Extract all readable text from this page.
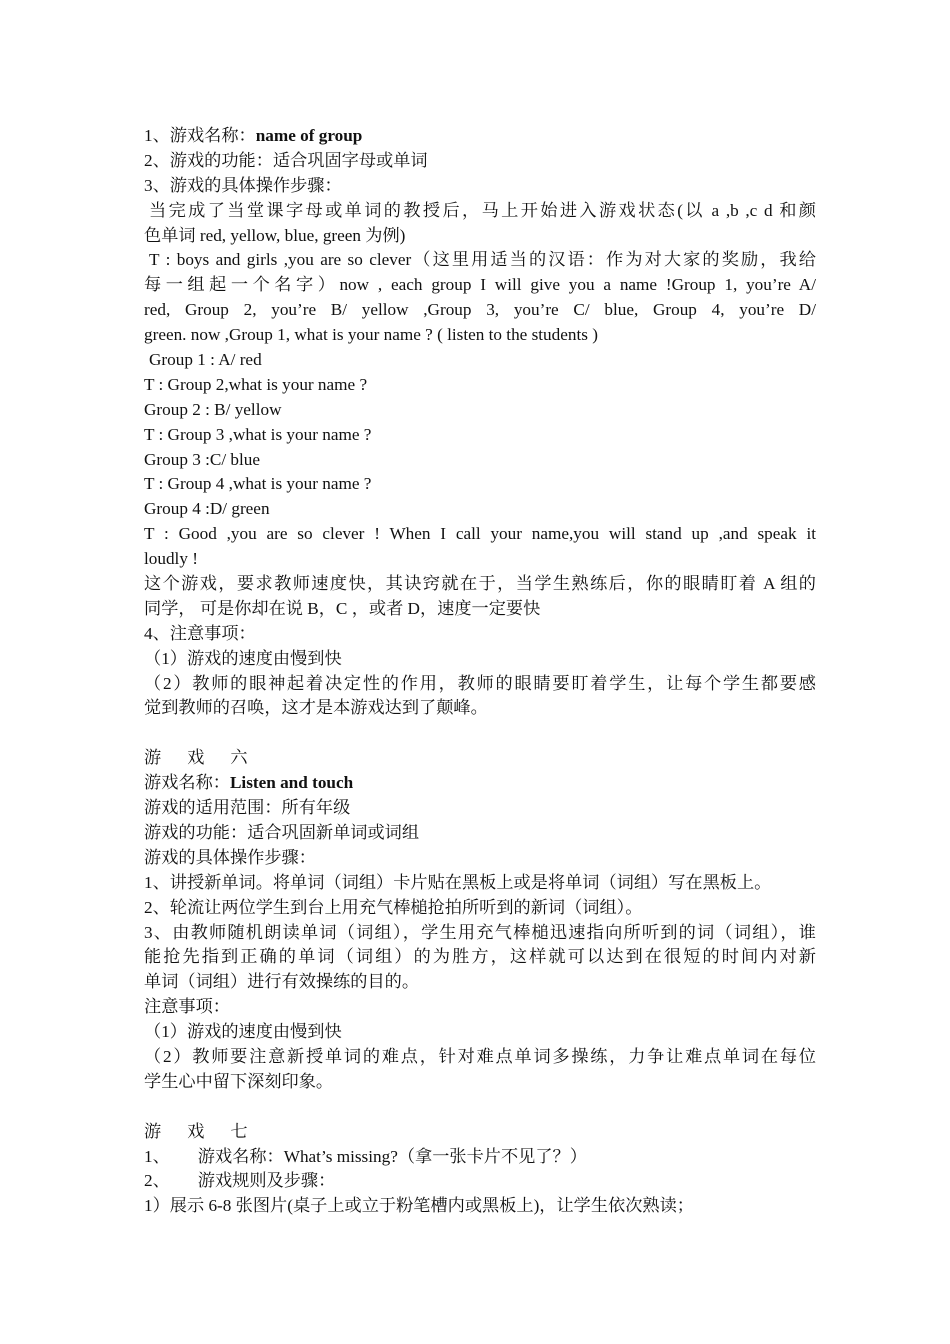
1、游戏名称：name of group
2、游戏的功能：适合巩固字母或单词
3、游戏的具体操作步骤：
当完成了当堂课字母或单词的教授后，马上开始进入游戏状态(以 a ,b ,c d 和颜
色单词 red, yellow, blue, green 为例)
T : boys and girls ,you are so clever（这里用适当的汉语：作为对大家的奖励，我给
每一组起一个名字）now , each group I will give you a name !Group 1, you’re A/
red, Group 2, you’re B/ yellow ,Group 3, you’re C/ blue, Group 4, you’re D/
green. now ,Group 1, what is your name ? ( listen to the students )
Group 1 : A/ red
T : Group 2,what is your name ?
Group 2 : B/ yellow
T : Group 3 ,what is your name ?
Group 3 :C/ blue
T : Group 4 ,what is your name ?
Group 4 :D/ green
T : Good ,you are so clever ! When I call your name,you will stand up ,and speak it
loudly !
这个游戏，要求教师速度快，其诀窍就在于，当学生熟练后，你的眼睛盯着 A 组的
同学， 可是你却在说 B，C ，或者 D，速度一定要快
4、注意事项：
（1）游戏的速度由慢到快
（2）教师的眼神起着决定性的作用，教师的眼睛要盯着学生，让每个学生都要感
觉到教师的召唤，这才是本游戏达到了颠峰。
游 戏 六
游戏名称：Listen and touch
游戏的适用范围：所有年级
游戏的功能：适合巩固新单词或词组
游戏的具体操作步骤：
1、讲授新单词。将单词（词组）卡片贴在黑板上或是将单词（词组）写在黑板上。
2、轮流让两位学生到台上用充气棒槌抢拍所听到的新词（词组）。
3、由教师随机朗读单词（词组），学生用充气棒槌迅速指向所听到的词（词组），谁
能抢先指到正确的单词（词组）的为胜方，这样就可以达到在很短的时间内对新
单词（词组）进行有效操练的目的。
注意事项：
（1）游戏的速度由慢到快
（2）教师要注意新授单词的难点，针对难点单词多操练，力争让难点单词在每位
学生心中留下深刻印象。
游 戏 七
1、 游戏名称：What’s missing?（拿一张卡片不见了？）
2、 游戏规则及步骤：
1）展示 6-8 张图片(桌子上或立于粉笔槽内或黑板上)，让学生依次熟读；
